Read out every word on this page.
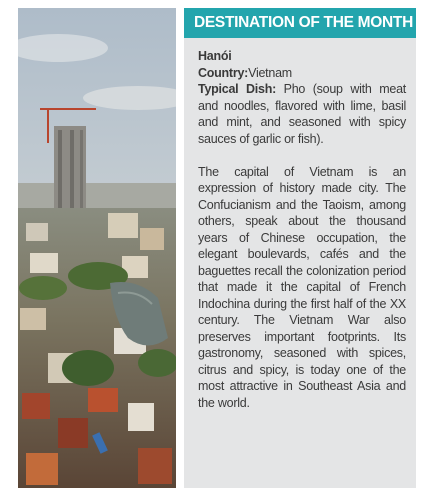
DESTINATION OF THE MONTH

Hanói

Country:Vietnam

Typical Dish: Pho (soup with meat and noodles, flavored with lime, basil and mint, and seasoned with spicy sauces of garlic or fish).

The capital of Vietnam is an expression of history made city. The Confucianism and the Taoism, among others, speak about the thousand years of Chinese occupation, the elegant boulevards, cafés and the baguettes recall the colonization period that made it the capital of French Indochina during the first half of the XX century. The Vietnam War also preserves important footprints. Its gastronomy, seasoned with spices, citrus and spicy, is today one of the most attractive in Southeast Asia and the world.
